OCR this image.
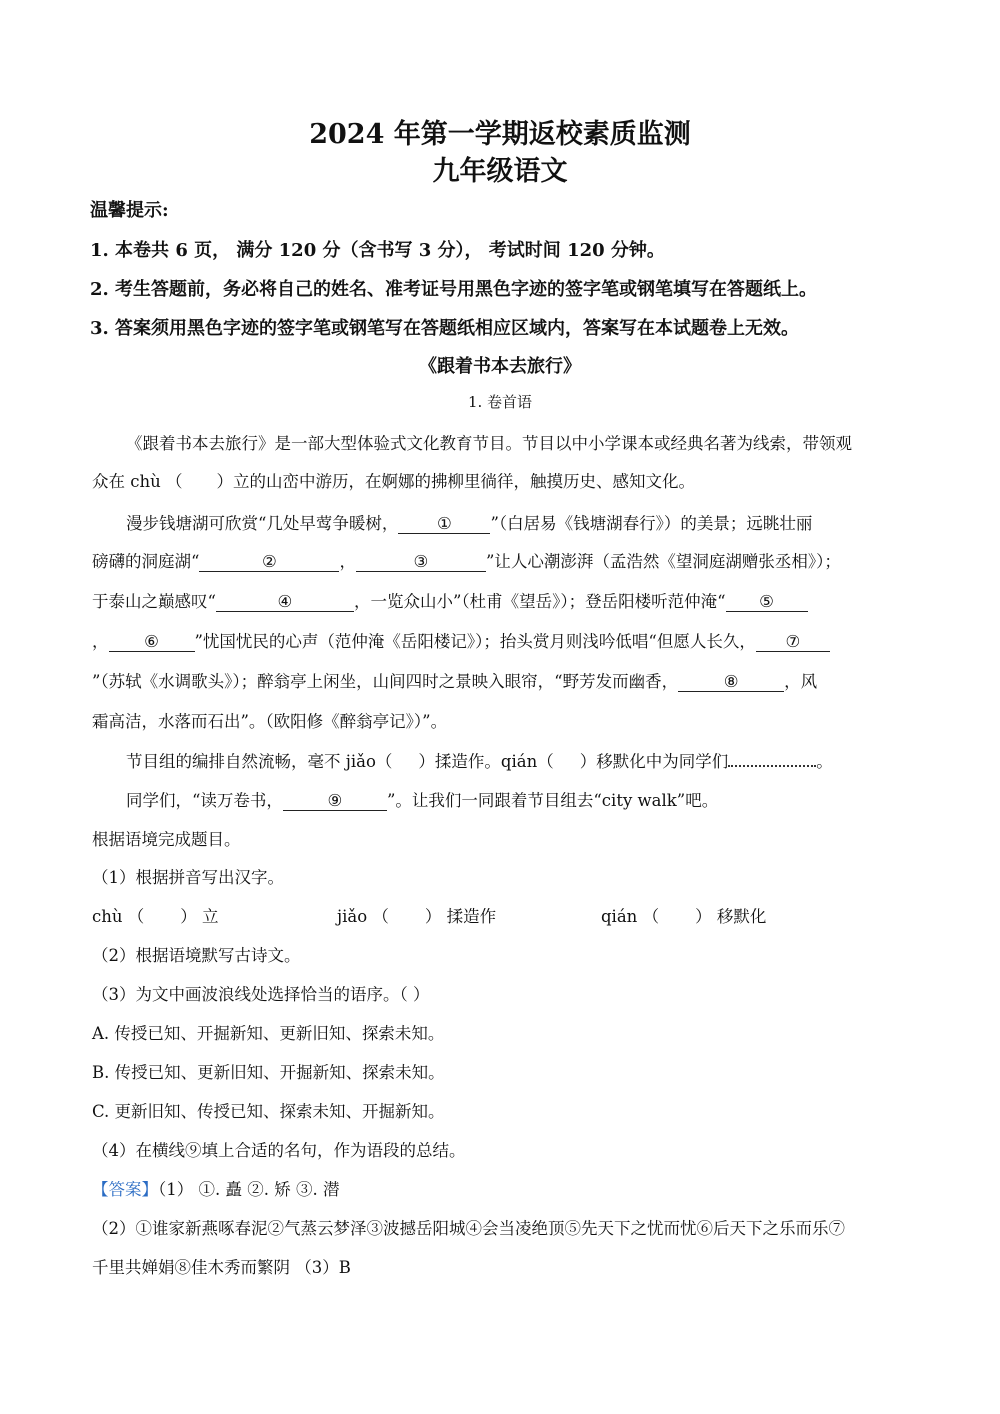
2024 年第一学期返校素质监测
九年级语文
温馨提示:
1. 本卷共 6 页， 满分 120 分（含书写 3 分）， 考试时间 120 分钟。
2. 考生答题前，务必将自己的姓名、准考证号用黑色字迹的签字笔或钢笔填写在答题纸上。
3. 答案须用黑色字迹的签字笔或钢笔写在答题纸相应区域内，答案写在本试题卷上无效。
《跟着书本去旅行》
1. 卷首语
《跟着书本去旅行》是一部大型体验式文化教育节目。节目以中小学课本或经典名著为线索，带领观
众在 chù （ ）立的山峦中游历，在婀娜的拂柳里徜徉，触摸历史、感知文化。
漫步钱塘湖可欣赏“几处早莺争暖树， ① ”（白居易《钱塘湖春行》）的美景；远眺壮丽
磅礴的洞庭湖“	②	，	③	”让人心潮澎湃（孟浩然《望洞庭湖赠张丞相》）；
于泰山之巅感叹“	④	，一览众山小”（杜甫《望岳》）；登岳阳楼听范仲淹“ ⑤
， ⑥ ”忧国忧民的心声（范仲淹《岳阳楼记》）；抬头赏月则浅吟低唱“但愿人长久， ⑦
”（苏轼《水调歌头》）；醉翁亭上闲坐，山间四时之景映入眼帘，“野芳发而幽香，	⑧	，风
霜高洁，水落而石出”。（欧阳修《醉翁亭记》）”。
节目组的编排自然流畅，毫不 jiǎo（ ）揉造作。qián（ ）移默化中为同学们	。
同学们，“读万卷书，	⑨	”。让我们一同跟着节目组去“city walk”吧。
根据语境完成题目。
（1）根据拼音写出汉字。
chù （ ） 立	jiǎo （ ） 揉造作	qián （ ） 移默化
（2）根据语境默写古诗文。
（3）为文中画波浪线处选择恰当的语序。（ ）
A. 传授已知、开掘新知、更新旧知、探索未知。
B. 传授已知、更新旧知、开掘新知、探索未知。
C. 更新旧知、传授已知、探索未知、开掘新知。
（4）在横线⑨填上合适的名句，作为语段的总结。
【答案】（1） ①. 矗 ②. 矫 ③. 潜
（2）①谁家新燕啄春泥②气蒸云梦泽③波撼岳阳城④会当凌绝顶⑤先天下之忧而忧⑥后天下之乐而乐⑦
千里共婵娟⑧佳木秀而繁阴 （3）B
